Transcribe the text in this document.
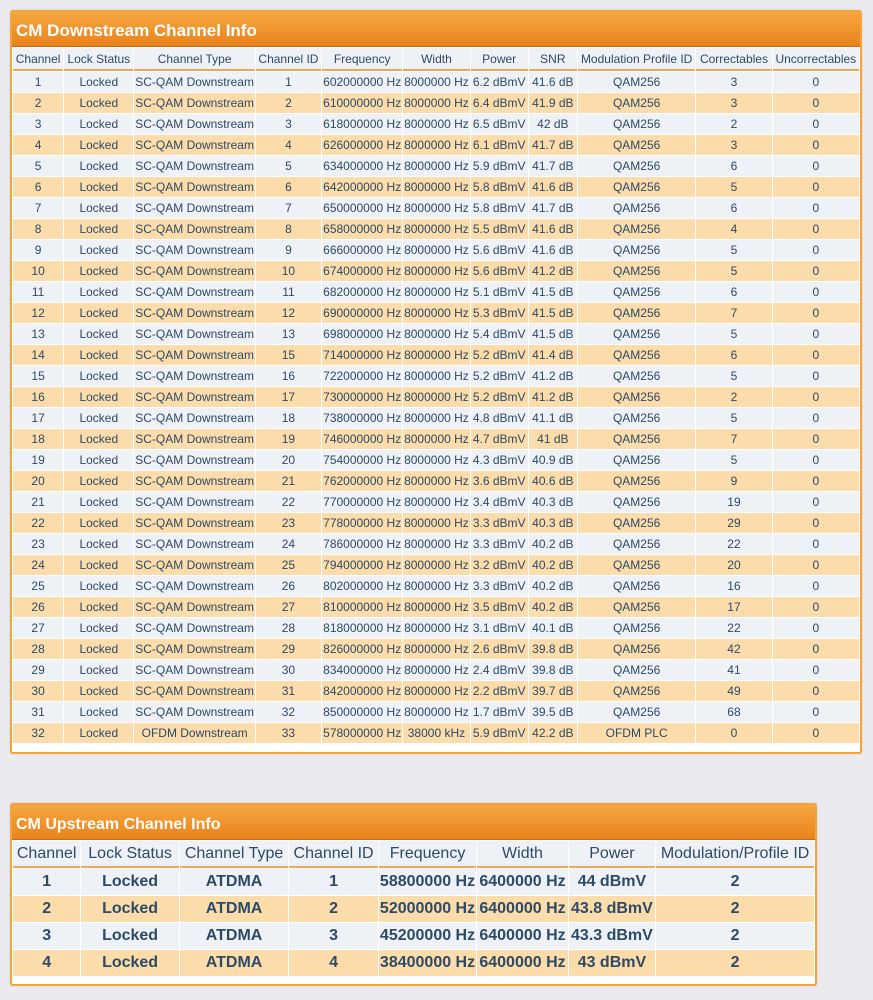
CM Downstream Channel Info
Channel	Lock Status	Channel Type	Channel ID	Frequency	Width	Power	SNR	Modulation Profile ID	Correctables	Uncorrectables
1	Locked	SC-QAM Downstream	1	602000000 Hz	8000000 Hz	6.2 dBmV	41.6 dB	QAM256	3	0
2	Locked	SC-QAM Downstream	2	610000000 Hz	8000000 Hz	6.4 dBmV	41.9 dB	QAM256	3	0
3	Locked	SC-QAM Downstream	3	618000000 Hz	8000000 Hz	6.5 dBmV	42 dB	QAM256	2	0
4	Locked	SC-QAM Downstream	4	626000000 Hz	8000000 Hz	6.1 dBmV	41.7 dB	QAM256	3	0
5	Locked	SC-QAM Downstream	5	634000000 Hz	8000000 Hz	5.9 dBmV	41.7 dB	QAM256	6	0
6	Locked	SC-QAM Downstream	6	642000000 Hz	8000000 Hz	5.8 dBmV	41.6 dB	QAM256	5	0
7	Locked	SC-QAM Downstream	7	650000000 Hz	8000000 Hz	5.8 dBmV	41.7 dB	QAM256	6	0
8	Locked	SC-QAM Downstream	8	658000000 Hz	8000000 Hz	5.5 dBmV	41.6 dB	QAM256	4	0
9	Locked	SC-QAM Downstream	9	666000000 Hz	8000000 Hz	5.6 dBmV	41.6 dB	QAM256	5	0
10	Locked	SC-QAM Downstream	10	674000000 Hz	8000000 Hz	5.6 dBmV	41.2 dB	QAM256	5	0
11	Locked	SC-QAM Downstream	11	682000000 Hz	8000000 Hz	5.1 dBmV	41.5 dB	QAM256	6	0
12	Locked	SC-QAM Downstream	12	690000000 Hz	8000000 Hz	5.3 dBmV	41.5 dB	QAM256	7	0
13	Locked	SC-QAM Downstream	13	698000000 Hz	8000000 Hz	5.4 dBmV	41.5 dB	QAM256	5	0
14	Locked	SC-QAM Downstream	15	714000000 Hz	8000000 Hz	5.2 dBmV	41.4 dB	QAM256	6	0
15	Locked	SC-QAM Downstream	16	722000000 Hz	8000000 Hz	5.2 dBmV	41.2 dB	QAM256	5	0
16	Locked	SC-QAM Downstream	17	730000000 Hz	8000000 Hz	5.2 dBmV	41.2 dB	QAM256	2	0
17	Locked	SC-QAM Downstream	18	738000000 Hz	8000000 Hz	4.8 dBmV	41.1 dB	QAM256	5	0
18	Locked	SC-QAM Downstream	19	746000000 Hz	8000000 Hz	4.7 dBmV	41 dB	QAM256	7	0
19	Locked	SC-QAM Downstream	20	754000000 Hz	8000000 Hz	4.3 dBmV	40.9 dB	QAM256	5	0
20	Locked	SC-QAM Downstream	21	762000000 Hz	8000000 Hz	3.6 dBmV	40.6 dB	QAM256	9	0
21	Locked	SC-QAM Downstream	22	770000000 Hz	8000000 Hz	3.4 dBmV	40.3 dB	QAM256	19	0
22	Locked	SC-QAM Downstream	23	778000000 Hz	8000000 Hz	3.3 dBmV	40.3 dB	QAM256	29	0
23	Locked	SC-QAM Downstream	24	786000000 Hz	8000000 Hz	3.3 dBmV	40.2 dB	QAM256	22	0
24	Locked	SC-QAM Downstream	25	794000000 Hz	8000000 Hz	3.2 dBmV	40.2 dB	QAM256	20	0
25	Locked	SC-QAM Downstream	26	802000000 Hz	8000000 Hz	3.3 dBmV	40.2 dB	QAM256	16	0
26	Locked	SC-QAM Downstream	27	810000000 Hz	8000000 Hz	3.5 dBmV	40.2 dB	QAM256	17	0
27	Locked	SC-QAM Downstream	28	818000000 Hz	8000000 Hz	3.1 dBmV	40.1 dB	QAM256	22	0
28	Locked	SC-QAM Downstream	29	826000000 Hz	8000000 Hz	2.6 dBmV	39.8 dB	QAM256	42	0
29	Locked	SC-QAM Downstream	30	834000000 Hz	8000000 Hz	2.4 dBmV	39.8 dB	QAM256	41	0
30	Locked	SC-QAM Downstream	31	842000000 Hz	8000000 Hz	2.2 dBmV	39.7 dB	QAM256	49	0
31	Locked	SC-QAM Downstream	32	850000000 Hz	8000000 Hz	1.7 dBmV	39.5 dB	QAM256	68	0
32	Locked	OFDM Downstream	33	578000000 Hz	38000 kHz	5.9 dBmV	42.2 dB	OFDM PLC	0	0
CM Upstream Channel Info
Channel	Lock Status	Channel Type	Channel ID	Frequency	Width	Power	Modulation/Profile ID
1	Locked	ATDMA	1	58800000 Hz	6400000 Hz	44 dBmV	2
2	Locked	ATDMA	2	52000000 Hz	6400000 Hz	43.8 dBmV	2
3	Locked	ATDMA	3	45200000 Hz	6400000 Hz	43.3 dBmV	2
4	Locked	ATDMA	4	38400000 Hz	6400000 Hz	43 dBmV	2
